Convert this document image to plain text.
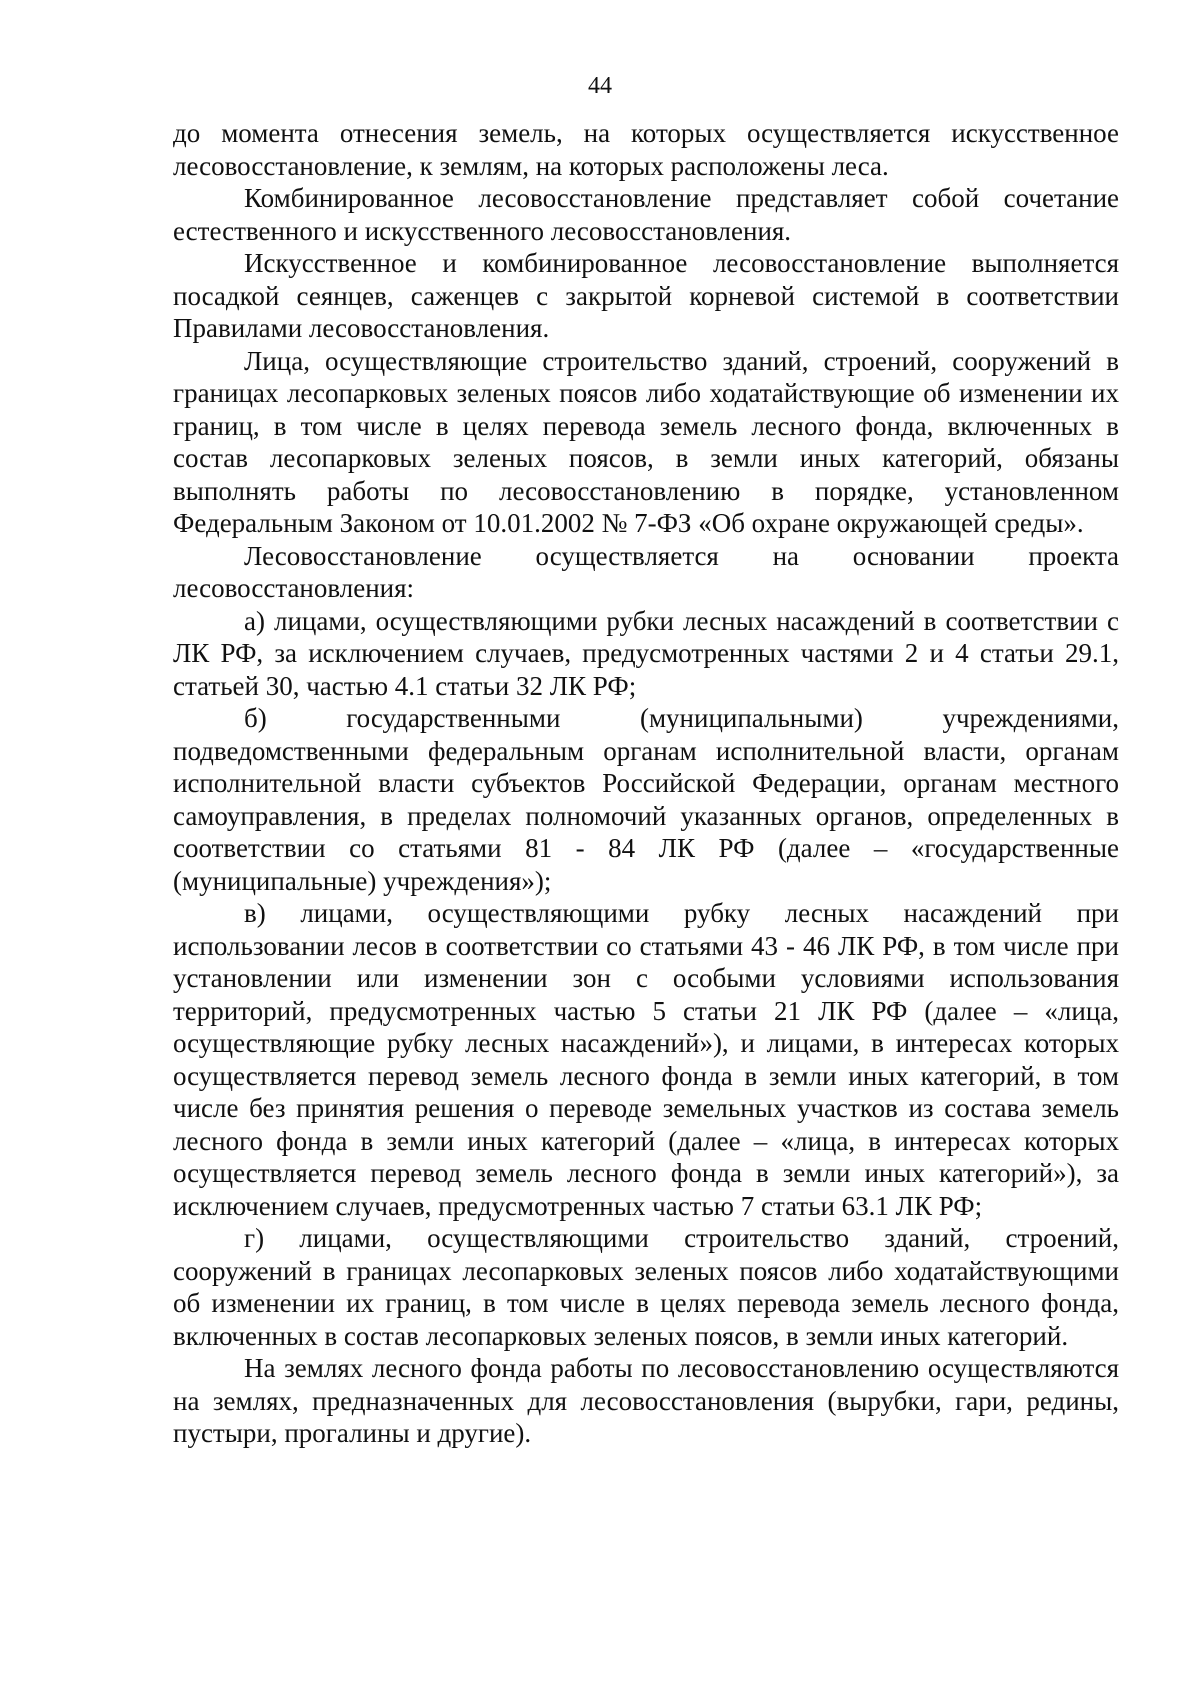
44

до момента отнесения земель, на которых осуществляется искусственное лесовосстановление, к землям, на которых расположены леса.

Комбинированное лесовосстановление представляет собой сочетание естественного и искусственного лесовосстановления.

Искусственное и комбинированное лесовосстановление выполняется посадкой сеянцев, саженцев с закрытой корневой системой в соответствии Правилами лесовосстановления.

Лица, осуществляющие строительство зданий, строений, сооружений в границах лесопарковых зеленых поясов либо ходатайствующие об изменении их границ, в том числе в целях перевода земель лесного фонда, включенных в состав лесопарковых зеленых поясов, в земли иных категорий, обязаны выполнять работы по лесовосстановлению в порядке, установленном Федеральным Законом от 10.01.2002 № 7-ФЗ «Об охране окружающей среды».

Лесовосстановление осуществляется на основании проекта лесовосстановления:

а) лицами, осуществляющими рубки лесных насаждений в соответствии с ЛК РФ, за исключением случаев, предусмотренных частями 2 и 4 статьи 29.1, статьей 30, частью 4.1 статьи 32 ЛК РФ;

б) государственными (муниципальными) учреждениями, подведомственными федеральным органам исполнительной власти, органам исполнительной власти субъектов Российской Федерации, органам местного самоуправления, в пределах полномочий указанных органов, определенных в соответствии со статьями 81 - 84 ЛК РФ (далее – «государственные (муниципальные) учреждения»);

в) лицами, осуществляющими рубку лесных насаждений при использовании лесов в соответствии со статьями 43 - 46 ЛК РФ, в том числе при установлении или изменении зон с особыми условиями использования территорий, предусмотренных частью 5 статьи 21 ЛК РФ (далее – «лица, осуществляющие рубку лесных насаждений»), и лицами, в интересах которых осуществляется перевод земель лесного фонда в земли иных категорий, в том числе без принятия решения о переводе земельных участков из состава земель лесного фонда в земли иных категорий (далее – «лица, в интересах которых осуществляется перевод земель лесного фонда в земли иных категорий»), за исключением случаев, предусмотренных частью 7 статьи 63.1 ЛК РФ;

г) лицами, осуществляющими строительство зданий, строений, сооружений в границах лесопарковых зеленых поясов либо ходатайствующими об изменении их границ, в том числе в целях перевода земель лесного фонда, включенных в состав лесопарковых зеленых поясов, в земли иных категорий.

На землях лесного фонда работы по лесовосстановлению осуществляются на землях, предназначенных для лесовосстановления (вырубки, гари, редины, пустыри, прогалины и другие).
